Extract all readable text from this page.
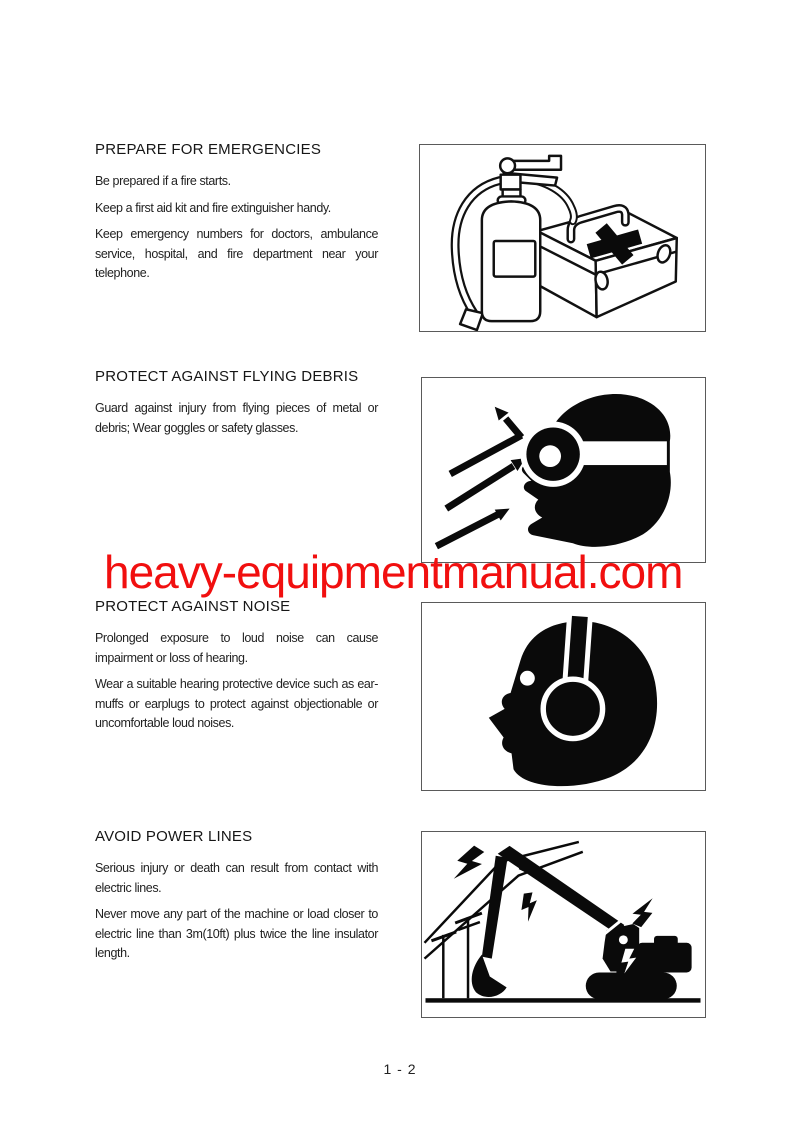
PREPARE FOR EMERGENCIES

Be prepared if a fire starts.

Keep a first aid kit and fire extinguisher handy.

Keep emergency numbers for doctors, ambulance service, hospital, and fire department near your telephone.

PROTECT AGAINST FLYING DEBRIS

Guard against injury from flying pieces of metal or debris; Wear goggles or safety glasses.

heavy-equipmentmanual.com
PROTECT AGAINST NOISE

Prolonged exposure to loud noise can cause impairment or loss of hearing.

Wear a suitable hearing protective device such as ear-muffs or earplugs to protect against objectionable or uncomfortable loud noises.

AVOID POWER LINES

Serious injury or death can result from contact with electric lines.

Never move any part of the machine or load closer to electric line than 3m(10ft) plus twice the line insulator length.

1 - 2
